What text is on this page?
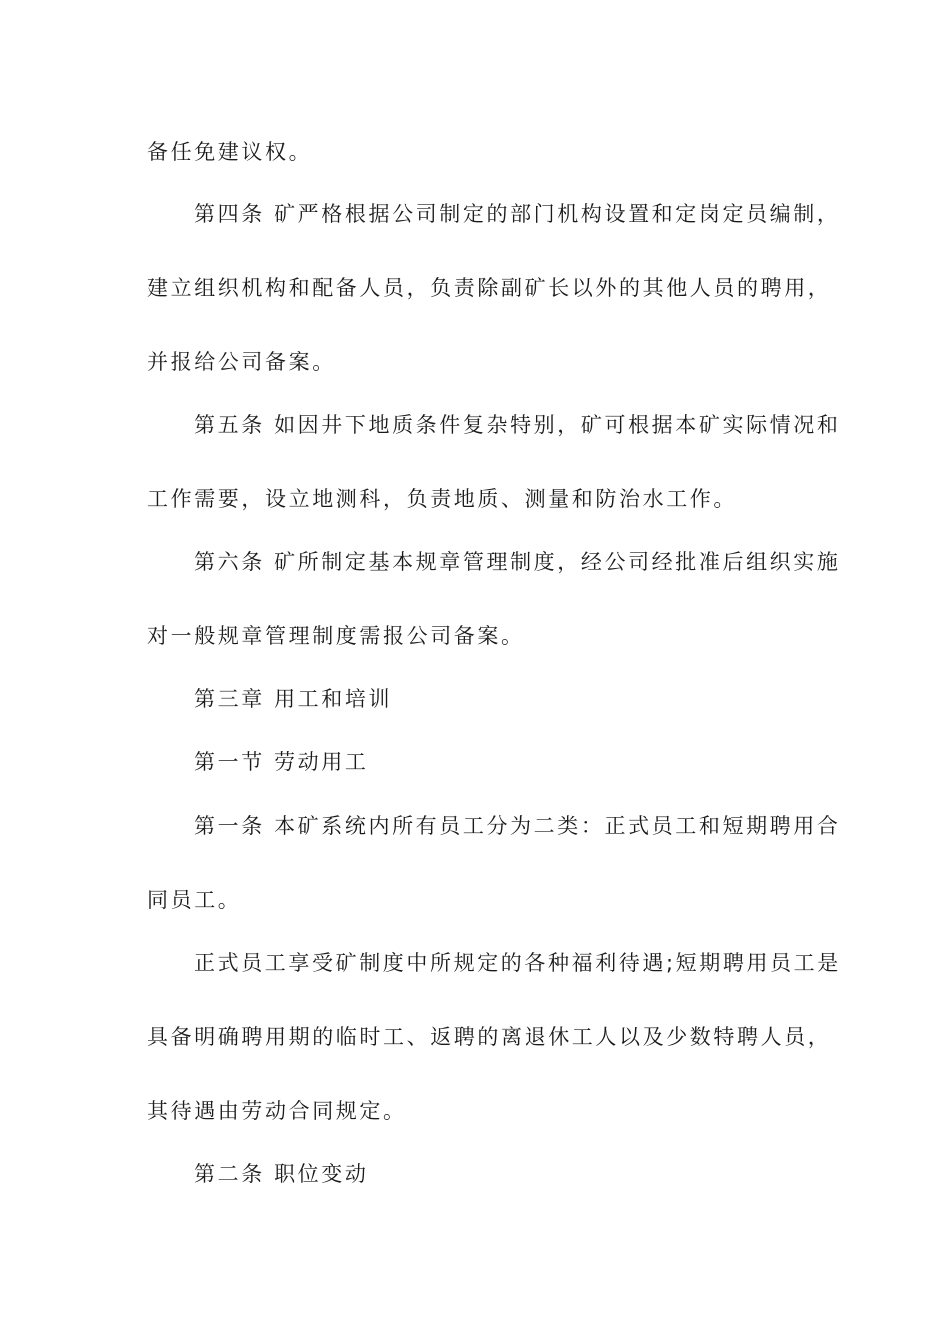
备任免建议权。

第四条 矿严格根据公司制定的部门机构设置和定岗定员编制，

建立组织机构和配备人员，负责除副矿长以外的其他人员的聘用，

并报给公司备案。

第五条 如因井下地质条件复杂特别，矿可根据本矿实际情况和

工作需要，设立地测科，负责地质、测量和防治水工作。

第六条 矿所制定基本规章管理制度，经公司经批准后组织实施

对一般规章管理制度需报公司备案。

第三章 用工和培训

第一节 劳动用工

第一条 本矿系统内所有员工分为二类：正式员工和短期聘用合

同员工。

正式员工享受矿制度中所规定的各种福利待遇;短期聘用员工是

具备明确聘用期的临时工、返聘的离退休工人以及少数特聘人员，

其待遇由劳动合同规定。

第二条 职位变动
